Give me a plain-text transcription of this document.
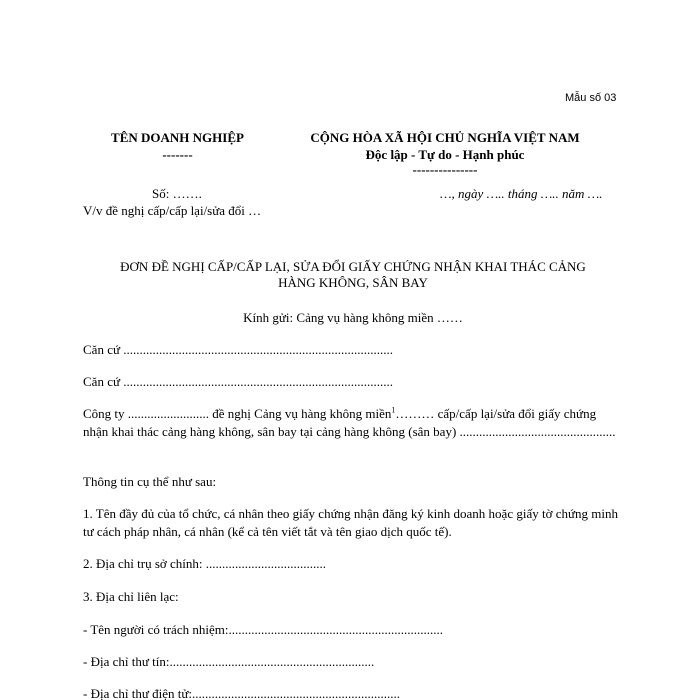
Mẫu số 03
TÊN DOANH NGHIỆP
-------
CỘNG HÒA XÃ HỘI CHỦ NGHĨA VIỆT NAM
Độc lập - Tự do - Hạnh phúc
---------------
Số: …….
V/v đề nghị cấp/cấp lại/sửa đổi …
…, ngày ….. tháng ….. năm ….
ĐƠN ĐỀ NGHỊ CẤP/CẤP LẠI, SỬA ĐỔI GIẤY CHỨNG NHẬN KHAI THÁC CẢNG
HÀNG KHÔNG, SÂN BAY
Kính gửi: Cảng vụ hàng không miền ……
Căn cứ ...................................................................................
Căn cứ ...................................................................................
Công ty ......................... đề nghị Cảng vụ hàng không miền$^1$……… cấp/cấp lại/sửa đổi giấy chứng nhận khai thác cảng hàng không, sân bay tại cảng hàng không (sân bay) ................................................
Thông tin cụ thể như sau:
1. Tên đầy đủ của tổ chức, cá nhân theo giấy chứng nhận đăng ký kinh doanh hoặc giấy tờ chứng minh tư cách pháp nhân, cá nhân (kể cả tên viết tắt và tên giao dịch quốc tế).
2. Địa chỉ trụ sở chính: .....................................
3. Địa chỉ liên lạc:
- Tên người có trách nhiệm:..................................................................
- Địa chỉ thư tín:...............................................................
- Địa chỉ thư điện tử:................................................................
